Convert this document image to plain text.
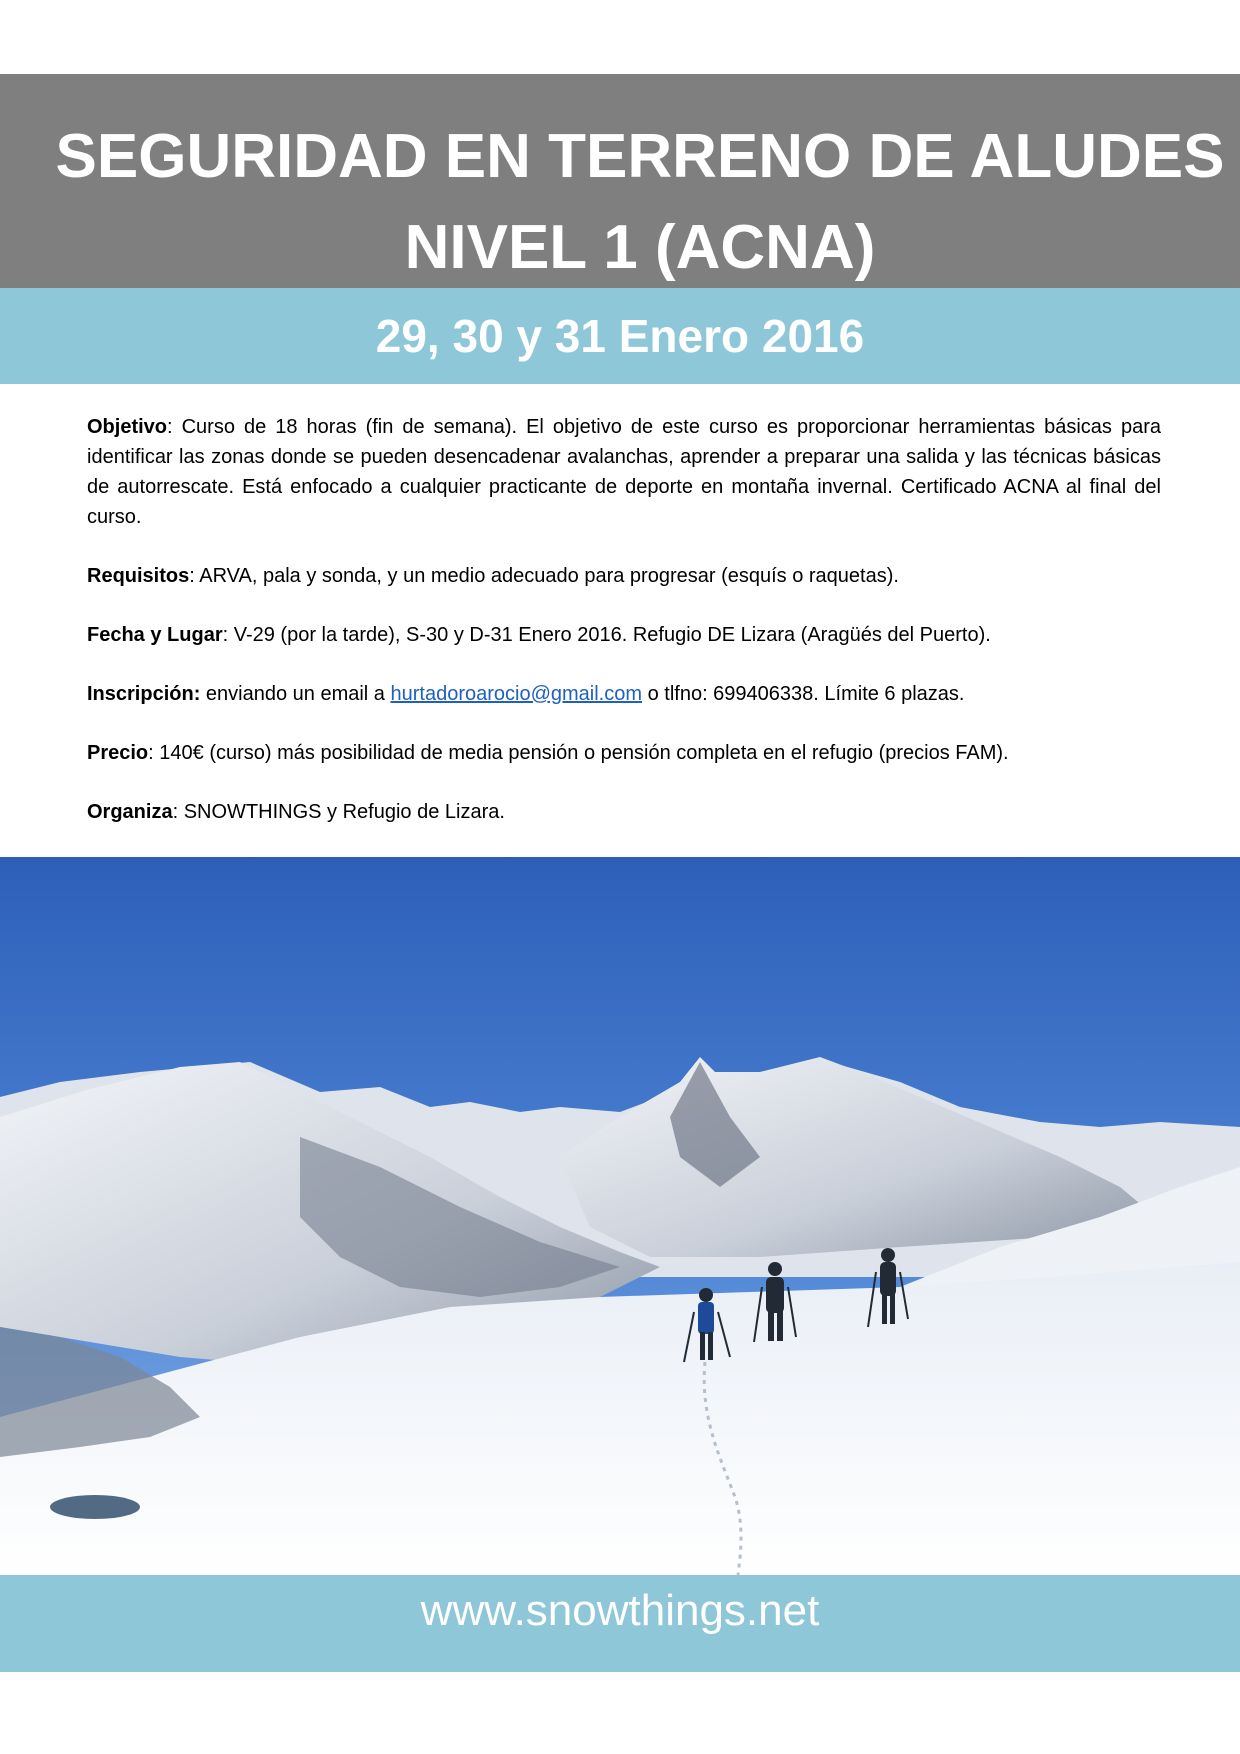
SEGURIDAD EN TERRENO DE ALUDES
NIVEL 1 (ACNA)
29, 30 y 31 Enero 2016

Objetivo: Curso de 18 horas (fin de semana). El objetivo de este curso es proporcionar herramientas básicas para identificar las zonas donde se pueden desencadenar avalanchas, aprender a preparar una salida y las técnicas básicas de autorrescate. Está enfocado a cualquier practicante de deporte en montaña invernal. Certificado ACNA al final del curso.

Requisitos: ARVA, pala y sonda, y un medio adecuado para progresar (esquís o raquetas).

Fecha y Lugar: V-29 (por la tarde), S-30 y D-31 Enero 2016. Refugio DE Lizara (Aragüés del Puerto).

Inscripción: enviando un email a hurtadoroarocio@gmail.com o tlfno: 699406338. Límite 6 plazas.

Precio: 140€ (curso) más posibilidad de media pensión o pensión completa en el refugio (precios FAM).

Organiza: SNOWTHINGS y Refugio de Lizara.

www.snowthings.net
